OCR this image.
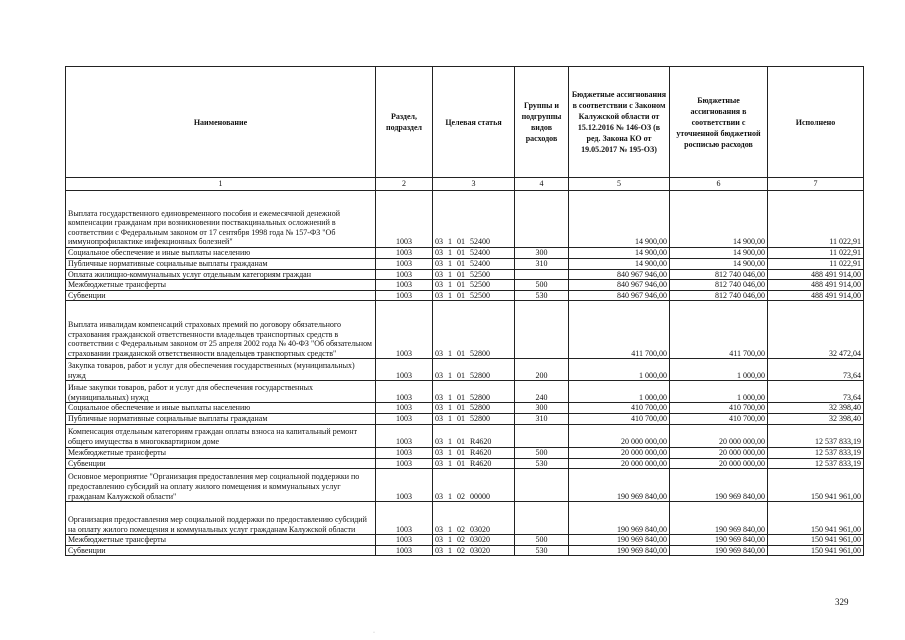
Наименование	Раздел, подраздел	Целевая статья	Группы и подгруппы видов расходов	Бюджетные ассигнования в соответствии с Законом Калужской области от 15.12.2016 № 146-ОЗ (в ред. Закона КО от 19.05.2017 № 195-ОЗ)	Бюджетные ассигнования в соответствии с уточненной бюджетной росписью расходов	Исполнено
1	2	3	4	5	6	7
Выплата государственного единовременного пособия и ежемесячной денежной компенсации гражданам при возникновении поствакцинальных осложнений в соответствии с Федеральным законом от 17 сентября 1998 года № 157-ФЗ "Об иммунопрофилактике инфекционных болезней"	1003	03 1 01 52400		14 900,00	14 900,00	11 022,91
Социальное обеспечение и иные выплаты населению	1003	03 1 01 52400	300	14 900,00	14 900,00	11 022,91
Публичные нормативные социальные выплаты гражданам	1003	03 1 01 52400	310	14 900,00	14 900,00	11 022,91
Оплата жилищно-коммунальных услуг отдельным категориям граждан	1003	03 1 01 52500		840 967 946,00	812 740 046,00	488 491 914,00
Межбюджетные трансферты	1003	03 1 01 52500	500	840 967 946,00	812 740 046,00	488 491 914,00
Субвенции	1003	03 1 01 52500	530	840 967 946,00	812 740 046,00	488 491 914,00
Выплата инвалидам компенсаций страховых премий по договору обязательного страхования гражданской ответственности владельцев транспортных средств в соответствии с Федеральным законом от 25 апреля 2002 года № 40-ФЗ "Об обязательном страховании гражданской ответственности владельцев транспортных средств"	1003	03 1 01 52800		411 700,00	411 700,00	32 472,04
Закупка товаров, работ и услуг для обеспечения государственных (муниципальных) нужд	1003	03 1 01 52800	200	1 000,00	1 000,00	73,64
Иные закупки товаров, работ и услуг для обеспечения государственных (муниципальных) нужд	1003	03 1 01 52800	240	1 000,00	1 000,00	73,64
Социальное обеспечение и иные выплаты населению	1003	03 1 01 52800	300	410 700,00	410 700,00	32 398,40
Публичные нормативные социальные выплаты гражданам	1003	03 1 01 52800	310	410 700,00	410 700,00	32 398,40
Компенсация отдельным категориям граждан оплаты взноса на капитальный ремонт общего имущества в многоквартирном доме	1003	03 1 01 R4620		20 000 000,00	20 000 000,00	12 537 833,19
Межбюджетные трансферты	1003	03 1 01 R4620	500	20 000 000,00	20 000 000,00	12 537 833,19
Субвенции	1003	03 1 01 R4620	530	20 000 000,00	20 000 000,00	12 537 833,19
Основное мероприятие "Организация предоставления мер социальной поддержки по предоставлению субсидий на оплату жилого помещения и коммунальных услуг гражданам Калужской области"	1003	03 1 02 00000		190 969 840,00	190 969 840,00	150 941 961,00
Организация предоставления мер социальной поддержки по предоставлению субсидий на оплату жилого помещения и коммунальных услуг гражданам Калужской области	1003	03 1 02 03020		190 969 840,00	190 969 840,00	150 941 961,00
Межбюджетные трансферты	1003	03 1 02 03020	500	190 969 840,00	190 969 840,00	150 941 961,00
Субвенции	1003	03 1 02 03020	530	190 969 840,00	190 969 840,00	150 941 961,00
329
·
